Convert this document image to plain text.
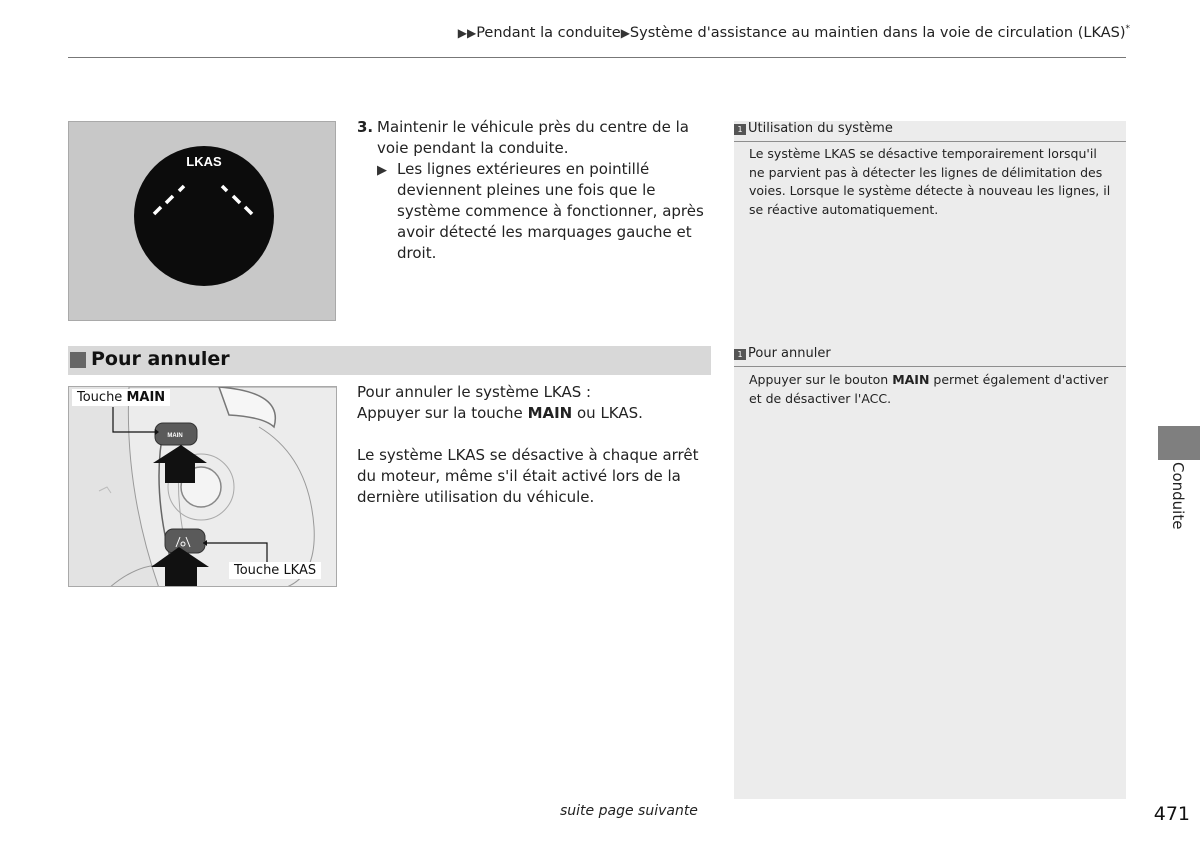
▶▶Pendant la conduite▶Système d'assistance au maintien dans la voie de circulation (LKAS)*
LKAS
3. Maintenir le véhicule près du centre de la voie pendant la conduite.
▶ Les lignes extérieures en pointillé deviennent pleines une fois que le système commence à fonctionner, après avoir détecté les marquages gauche et droit.
Pour annuler
MAIN
Touche MAIN
Touche LKAS
Pour annuler le système LKAS :
Appuyer sur la touche MAIN ou LKAS.
Le système LKAS se désactive à chaque arrêt du moteur, même s'il était activé lors de la dernière utilisation du véhicule.
1 Utilisation du système
Le système LKAS se désactive temporairement lorsqu'il ne parvient pas à détecter les lignes de délimitation des voies. Lorsque le système détecte à nouveau les lignes, il se réactive automatiquement.
1 Pour annuler
Appuyer sur le bouton MAIN permet également d'activer et de désactiver l'ACC.
Conduite
suite page suivante	471
